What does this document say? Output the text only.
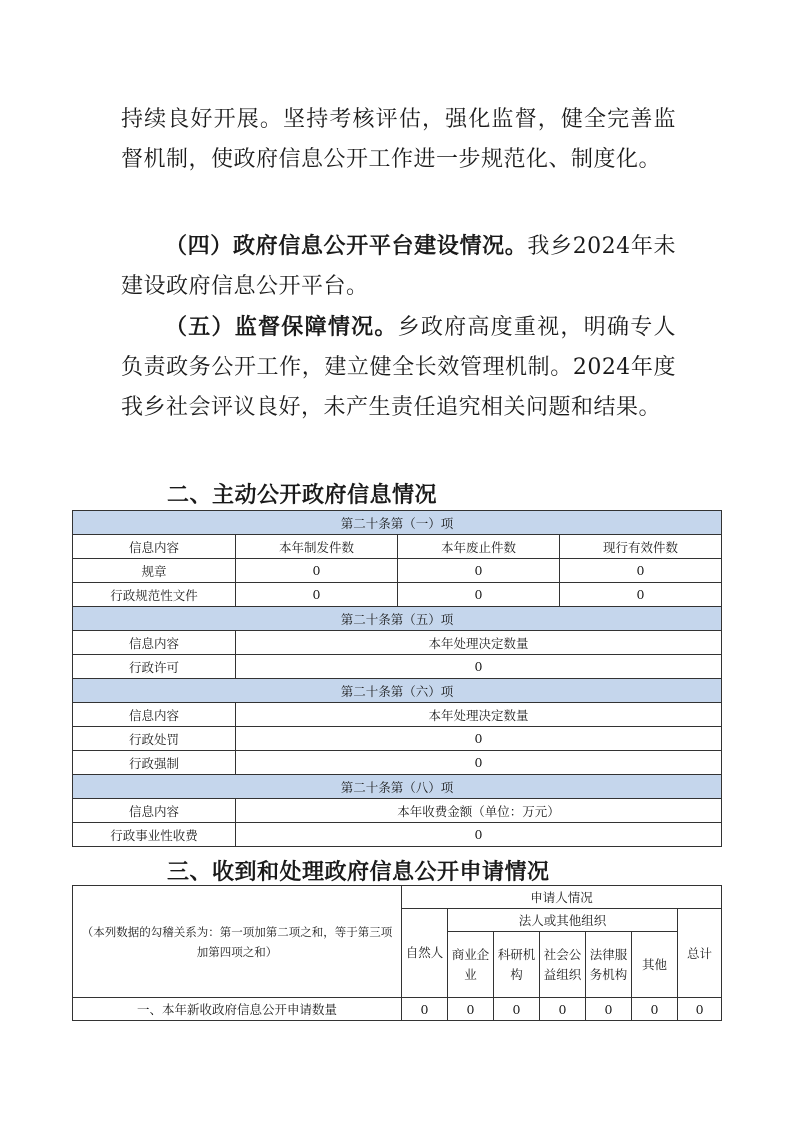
持续良好开展。坚持考核评估，强化监督，健全完善监督机制，使政府信息公开工作进一步规范化、制度化。

（四）政府信息公开平台建设情况。我乡2024年未建设政府信息公开平台。

（五）监督保障情况。乡政府高度重视，明确专人负责政务公开工作，建立健全长效管理机制。2024年度我乡社会评议良好，未产生责任追究相关问题和结果。

二、主动公开政府信息情况
第二十条第（一）项			
信息内容	本年制发件数	本年废止件数	现行有效件数
规章	0	0	0
行政规范性文件	0	0	0
第二十条第（五）项			
信息内容	本年处理决定数量		
行政许可	0		
第二十条第（六）项			
信息内容	本年处理决定数量		
行政处罚	0		
行政强制	0		
第二十条第（八）项			
信息内容	本年收费金额（单位：万元）		
行政事业性收费	0		
三、收到和处理政府信息公开申请情况
（本列数据的勾稽关系为：第一项加第二项之和，等于第三项加第四项之和）	申请人情况						
	自然人	法人或其他组织					总计
		商业企业	科研机构	社会公益组织	法律服务机构	其他	
一、本年新收政府信息公开申请数量	0	0	0	0	0	0	0
